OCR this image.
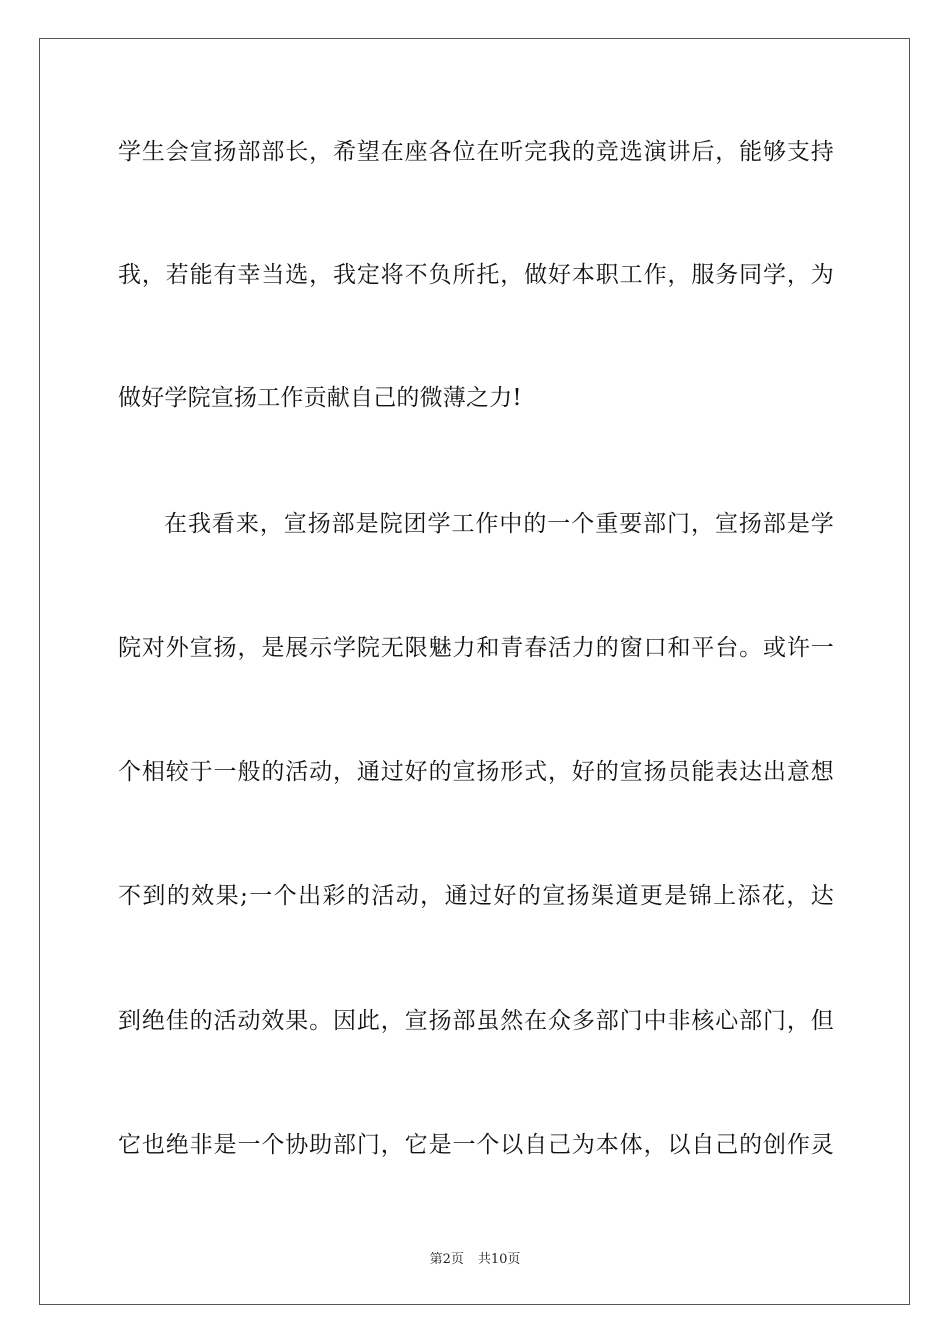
学生会宣扬部部长，希望在座各位在听完我的竞选演讲后，能够支持
我，若能有幸当选，我定将不负所托，做好本职工作，服务同学，为
做好学院宣扬工作贡献自己的微薄之力!
在我看来，宣扬部是院团学工作中的一个重要部门，宣扬部是学
院对外宣扬，是展示学院无限魅力和青春活力的窗口和平台。或许一
个相较于一般的活动，通过好的宣扬形式，好的宣扬员能表达出意想
不到的效果;一个出彩的活动，通过好的宣扬渠道更是锦上添花，达
到绝佳的活动效果。因此，宣扬部虽然在众多部门中非核心部门，但
它也绝非是一个协助部门，它是一个以自己为本体，以自己的创作灵
第2页 共10页
